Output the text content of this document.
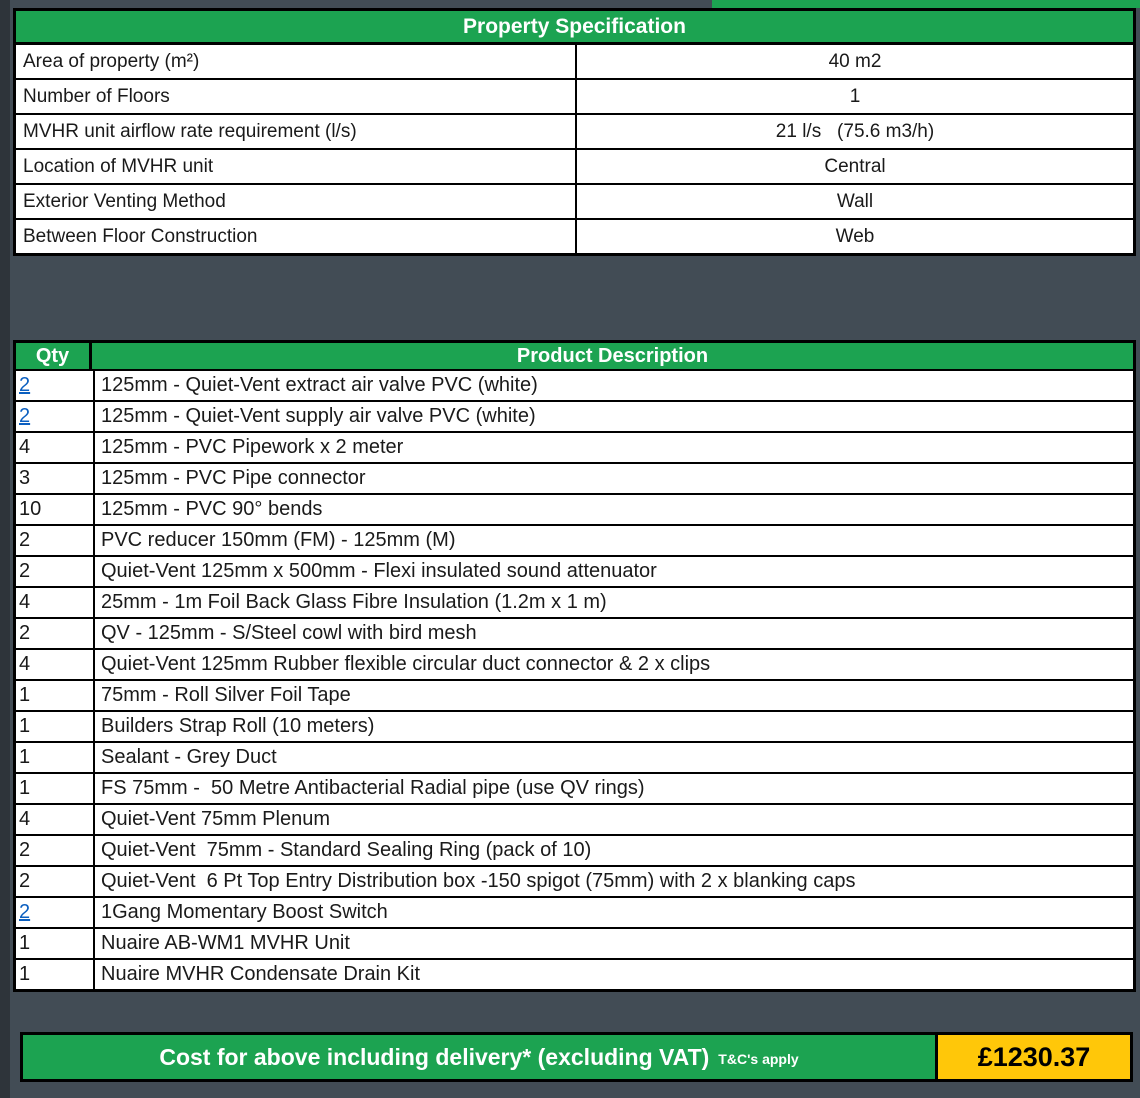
Property Specification
Area of property (m²)	40 m2
Number of Floors	1
MVHR unit airflow rate requirement (l/s)	21 l/s   (75.6 m3/h)
Location of MVHR unit	Central
Exterior Venting Method	Wall
Between Floor Construction	Web
Qty	Product Description
2	125mm - Quiet-Vent extract air valve PVC (white)
2	125mm - Quiet-Vent supply air valve PVC (white)
4	125mm - PVC Pipework x 2 meter
3	125mm - PVC Pipe connector
10	125mm - PVC 90° bends
2	PVC reducer 150mm (FM) - 125mm (M)
2	Quiet-Vent 125mm x 500mm - Flexi insulated sound attenuator
4	25mm - 1m Foil Back Glass Fibre Insulation (1.2m x 1 m)
2	QV - 125mm - S/Steel cowl with bird mesh
4	Quiet-Vent 125mm Rubber flexible circular duct connector & 2 x clips
1	75mm - Roll Silver Foil Tape
1	Builders Strap Roll (10 meters)
1	Sealant - Grey Duct
1	FS 75mm -  50 Metre Antibacterial Radial pipe (use QV rings)
4	Quiet-Vent 75mm Plenum
2	Quiet-Vent  75mm - Standard Sealing Ring (pack of 10)
2	Quiet-Vent  6 Pt Top Entry Distribution box -150 spigot (75mm) with 2 x blanking caps
2	1Gang Momentary Boost Switch
1	Nuaire AB-WM1 MVHR Unit
1	Nuaire MVHR Condensate Drain Kit
Cost for above including delivery* (excluding VAT) T&C's apply	£1230.37
